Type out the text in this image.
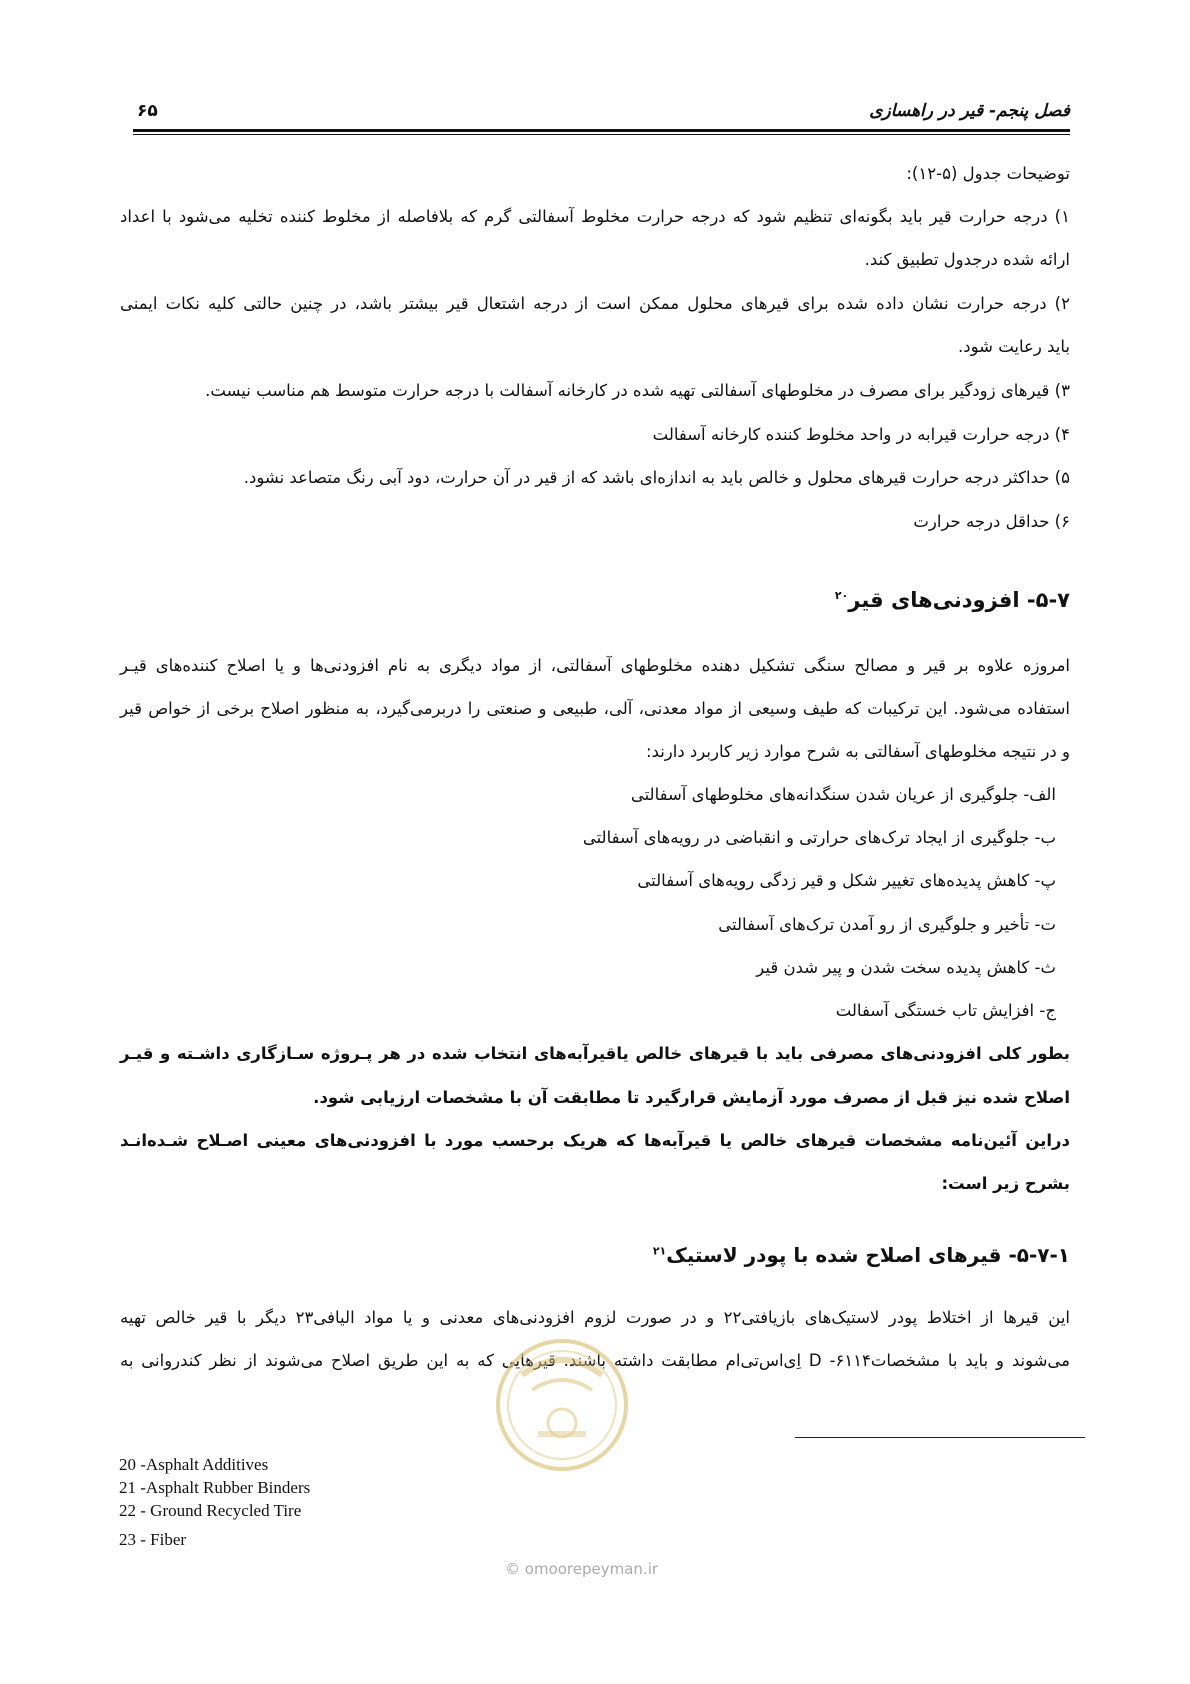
فصل پنجم- قیر در راهسازی
۶۵
توضیحات جدول (۵-۱۲):
۱) درجه حرارت قیر باید بگونه‌ای تنظیم شود که درجه حرارت مخلوط آسفالتی گرم که بلافاصله از مخلوط کننده تخلیه می‌شود با اعداد
ارائه شده درجدول تطبیق کند.
۲) درجه حرارت نشان داده شده برای قیرهای محلول ممکن است از درجه اشتعال قیر بیشتر باشد، در چنین حالتی کلیه نکات ایمنی
باید رعایت شود.
۳) قیرهای زودگیر برای مصرف در مخلوطهای آسفالتی تهیه شده در کارخانه آسفالت با درجه حرارت متوسط هم مناسب نیست.
۴) درجه حرارت قیرابه در واحد مخلوط کننده کارخانه آسفالت
۵) حداکثر درجه حرارت قیرهای محلول و خالص باید به اندازه‌ای باشد که از قیر در آن حرارت، دود آبی رنگ متصاعد نشود.
۶) حداقل درجه حرارت
۵-۷- افزودنی‌های قیر$^{۲۰}$
امروزه علاوه بر قیر و مصالح سنگی تشکیل دهنده مخلوطهای آسفالتی، از مواد دیگری به نام افزودنی‌ها و یا اصلاح کننده‌های قیـر
استفاده می‌شود. این ترکیبات که طیف وسیعی از مواد معدنی، آلی، طبیعی و صنعتی را دربرمی‌گیرد، به منظور اصلاح برخی از خواص قیر
و در نتیجه مخلوطهای آسفالتی به شرح موارد زیر کاربرد دارند:
الف- جلوگیری از عریان شدن سنگدانه‌های مخلوطهای آسفالتی
ب- جلوگیری از ایجاد ترک‌های حرارتی و انقباضی در رویه‌های آسفالتی
پ- کاهش پدیده‌های تغییر شکل و قیر زدگی رویه‌های آسفالتی
ت- تأخیر و جلوگیری از رو آمدن ترک‌های آسفالتی
ث- کاهش پدیده سخت شدن و پیر شدن قیر
ج- افزایش تاب خستگی آسفالت
بطور کلی افزودنی‌های مصرفی باید با قیرهای خالص یاقیرآبه‌های انتخاب شده در هر پـروژه سـازگاری داشـته و قیـر
اصلاح شده نیز قبل از مصرف مورد آزمایش قرارگیرد تا مطابقت آن با مشخصات ارزیابی شود.
دراین آئین‌نامه مشخصات قیرهای خالص یا قیرآبه‌ها که هریک برحسب مورد با افزودنی‌های معینی اصـلاح شـده‌انـد
بشرح زیر است:
۵-۷-۱- قیرهای اصلاح شده با پودر لاستیک$^{۲۱}$
این قیرها از اختلاط پودر لاستیک‌های بازیافتی۲۲ و در صورت لزوم افزودنی‌های معدنی و یا مواد الیافی۲۳ دیگر با قیر خالص تهیه
می‌شوند و باید با مشخصات۶۱۱۴- D اِی‌اس‌تی‌ام مطابقت داشته باشند. قیرهایی که به این طریق اصلاح می‌شوند از نظر کندروانی به
20 -Asphalt Additives
21 -Asphalt Rubber Binders
22 - Ground Recycled Tire
23 - Fiber
© omoorepeyman.ir
